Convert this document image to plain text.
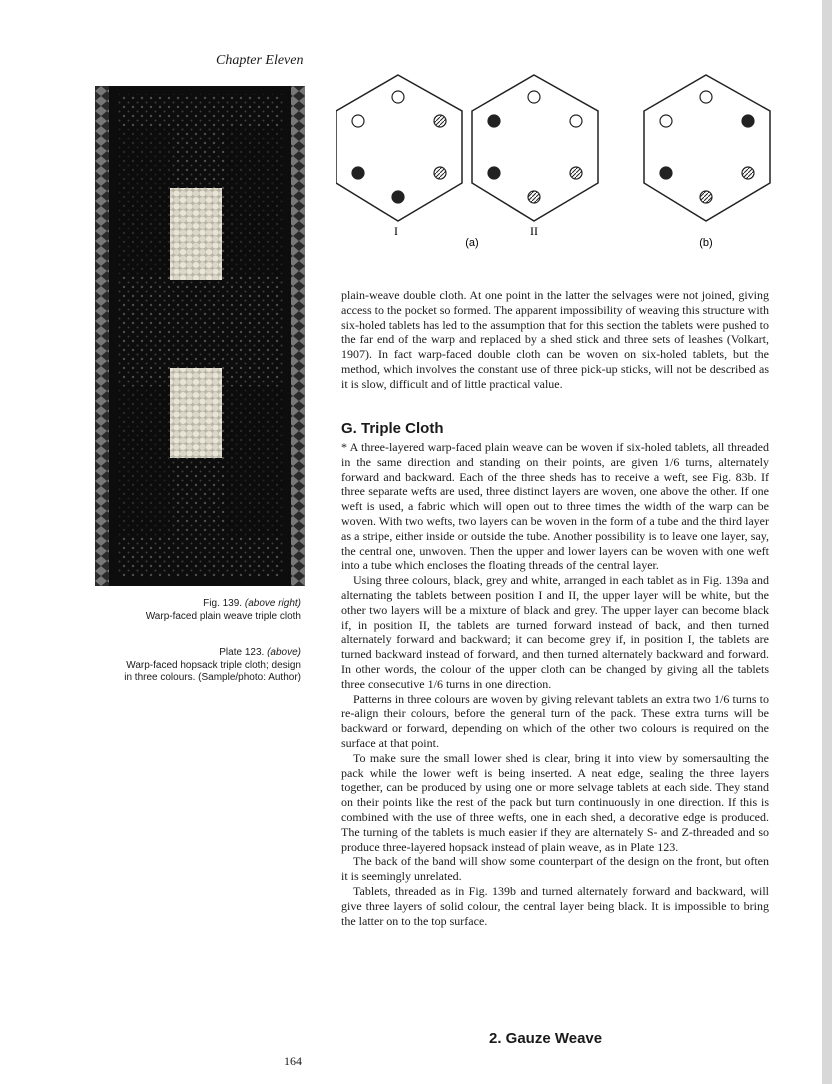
Chapter Eleven
Fig. 139. (above right)
Warp-faced plain weave triple cloth
Plate 123. (above)
Warp-faced hopsack triple cloth; design
in three colours. (Sample/photo: Author)
I
(a)
II
(b)

plain-weave double cloth. At one point in the latter the selvages were not joined, giving access to the pocket so formed. The apparent impossibility of weaving this structure with six-holed tablets has led to the assumption that for this section the tablets were pushed to the far end of the warp and replaced by a shed stick and three sets of leashes (Volkart, 1907). In fact warp-faced double cloth can be woven on six-holed tablets, but the method, which involves the constant use of three pick-up sticks, will not be described as it is slow, difficult and of little practical value.

G. Triple Cloth

* A three-layered warp-faced plain weave can be woven if six-holed tablets, all threaded in the same direction and standing on their points, are given 1/6 turns, alternately forward and backward. Each of the three sheds has to receive a weft, see Fig. 83b. If three separate wefts are used, three distinct layers are woven, one above the other. If one weft is used, a fabric which will open out to three times the width of the warp can be woven. With two wefts, two layers can be woven in the form of a tube and the third layer as a stripe, either inside or outside the tube. Another possibility is to leave one layer, say, the central one, unwoven. Then the upper and lower layers can be woven with one weft into a tube which encloses the floating threads of the central layer.

Using three colours, black, grey and white, arranged in each tablet as in Fig. 139a and alternating the tablets between position I and II, the upper layer will be white, but the other two layers will be a mixture of black and grey. The upper layer can become black if, in position II, the tablets are turned forward instead of back, and then turned alternately forward and backward; it can become grey if, in position I, the tablets are turned backward instead of forward, and then turned alternately backward and forward. In other words, the colour of the upper cloth can be changed by giving all the tablets three consecutive 1/6 turns in one direction.

Patterns in three colours are woven by giving relevant tablets an extra two 1/6 turns to re-align their colours, before the general turn of the pack. These extra turns will be backward or forward, depending on which of the other two colours is required on the surface at that point.

To make sure the small lower shed is clear, bring it into view by somersaulting the pack while the lower weft is being inserted. A neat edge, sealing the three layers together, can be produced by using one or more selvage tablets at each side. They stand on their points like the rest of the pack but turn continuously in one direction. If this is combined with the use of three wefts, one in each shed, a decorative edge is produced. The turning of the tablets is much easier if they are alternately S- and Z-threaded and so produce three-layered hopsack instead of plain weave, as in Plate 123.

The back of the band will show some counterpart of the design on the front, but often it is seemingly unrelated.

Tablets, threaded as in Fig. 139b and turned alternately forward and backward, will give three layers of solid colour, the central layer being black. It is impossible to bring the latter on to the top surface.

2. Gauze Weave
164
